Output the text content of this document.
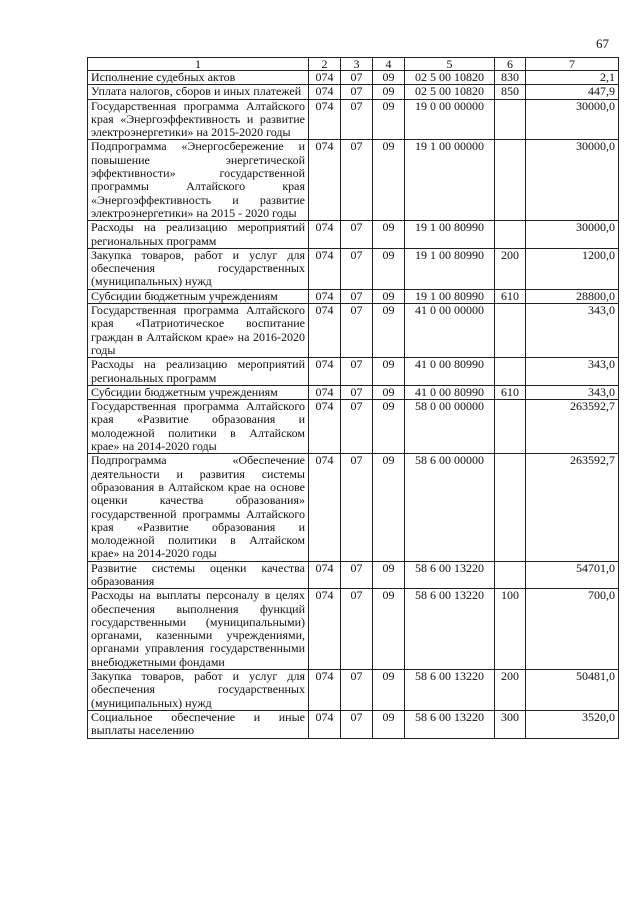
67
1	2	3	4	5	6	7
Исполнение судебных актов	074	07	09	02 5 00 10820	830	2,1
Уплата налогов, сборов и иных платежей	074	07	09	02 5 00 10820	850	447,9
Государственная программа Алтайского края «Энергоэффективность и развитие электроэнергетики» на 2015-2020 годы	074	07	09	19 0 00 00000		30000,0
Подпрограмма «Энергосбережение и повышение энергетической эффективности» государственной программы Алтайского края «Энергоэффективность и развитие электроэнергетики» на 2015 - 2020 годы	074	07	09	19 1 00 00000		30000,0
Расходы на реализацию мероприятий региональных программ	074	07	09	19 1 00 80990		30000,0
Закупка товаров, работ и услуг для обеспечения государственных (муниципальных) нужд	074	07	09	19 1 00 80990	200	1200,0
Субсидии бюджетным учреждениям	074	07	09	19 1 00 80990	610	28800,0
Государственная программа Алтайского края «Патриотическое воспитание граждан в Алтайском крае» на 2016-2020 годы	074	07	09	41 0 00 00000		343,0
Расходы на реализацию мероприятий региональных программ	074	07	09	41 0 00 80990		343,0
Субсидии бюджетным учреждениям	074	07	09	41 0 00 80990	610	343,0
Государственная программа Алтайского края «Развитие образования и молодежной политики в Алтайском крае» на 2014-2020 годы	074	07	09	58 0 00 00000		263592,7
Подпрограмма «Обеспечение деятельности и развития системы образования в Алтайском крае на основе оценки качества образования» государственной программы Алтайского края «Развитие образования и молодежной политики в Алтайском крае» на 2014-2020 годы	074	07	09	58 6 00 00000		263592,7
Развитие системы оценки качества образования	074	07	09	58 6 00 13220		54701,0
Расходы на выплаты персоналу в целях обеспечения выполнения функций государственными (муниципальными) органами, казенными учреждениями, органами управления государственными внебюджетными фондами	074	07	09	58 6 00 13220	100	700,0
Закупка товаров, работ и услуг для обеспечения государственных (муниципальных) нужд	074	07	09	58 6 00 13220	200	50481,0
Социальное обеспечение и иные выплаты населению	074	07	09	58 6 00 13220	300	3520,0
